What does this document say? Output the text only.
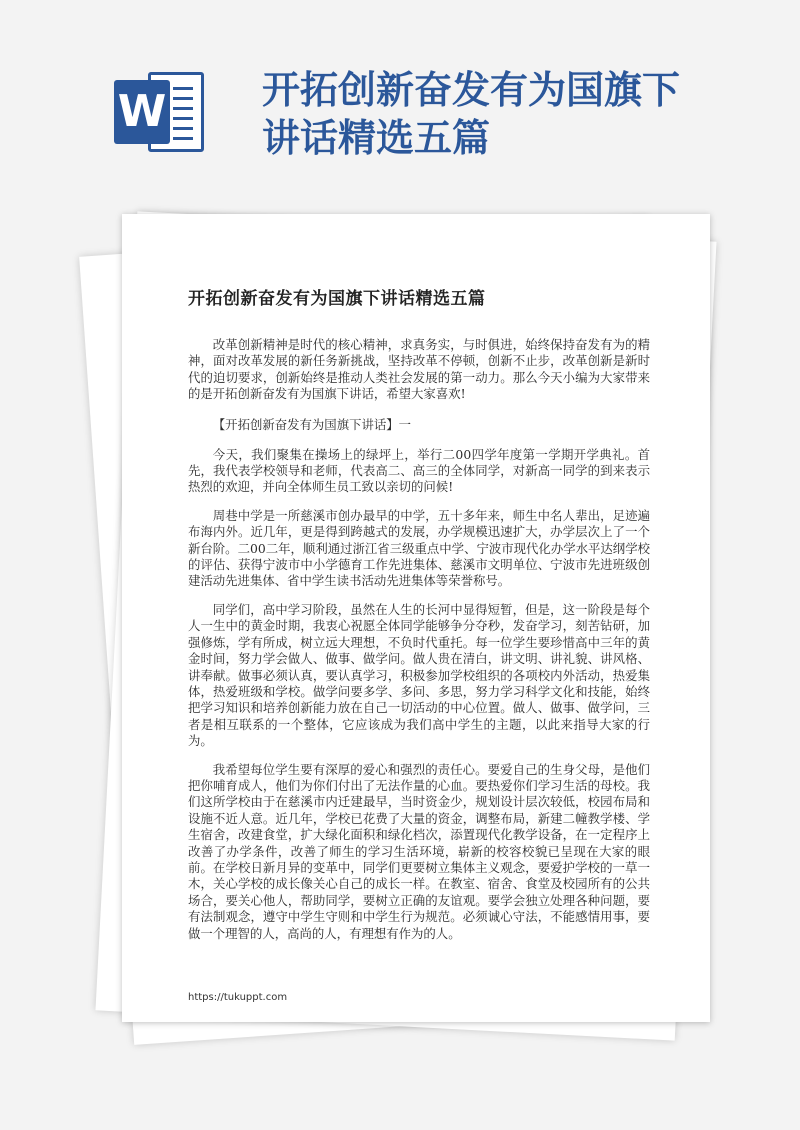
W	开拓创新奋发有为国旗下讲话精选五篇
开拓创新奋发有为国旗下讲话精选五篇

改革创新精神是时代的核心精神，求真务实，与时俱进，始终保持奋发有为的精神，面对改革发展的新任务新挑战，坚持改革不停顿，创新不止步，改革创新是新时代的迫切要求，创新始终是推动人类社会发展的第一动力。那么今天小编为大家带来的是开拓创新奋发有为国旗下讲话，希望大家喜欢!

【开拓创新奋发有为国旗下讲话】一

今天，我们聚集在操场上的绿坪上，举行二00四学年度第一学期开学典礼。首先，我代表学校领导和老师，代表高二、高三的全体同学，对新高一同学的到来表示热烈的欢迎，并向全体师生员工致以亲切的问候!

周巷中学是一所慈溪市创办最早的中学，五十多年来，师生中名人辈出，足迹遍布海内外。近几年，更是得到跨越式的发展，办学规模迅速扩大，办学层次上了一个新台阶。二00二年，顺利通过浙江省三级重点中学、宁波市现代化办学水平达纲学校的评估、获得宁波市中小学德育工作先进集体、慈溪市文明单位、宁波市先进班级创建活动先进集体、省中学生读书活动先进集体等荣誉称号。

同学们，高中学习阶段，虽然在人生的长河中显得短暂，但是，这一阶段是每个人一生中的黄金时期，我衷心祝愿全体同学能够争分夺秒，发奋学习，刻苦钻研，加强修炼，学有所成，树立远大理想，不负时代重托。每一位学生要珍惜高中三年的黄金时间，努力学会做人、做事、做学问。做人贵在清白，讲文明、讲礼貌、讲风格、讲奉献。做事必须认真，要认真学习，积极参加学校组织的各项校内外活动，热爱集体，热爱班级和学校。做学问要多学、多问、多思，努力学习科学文化和技能，始终把学习知识和培养创新能力放在自己一切活动的中心位置。做人、做事、做学问，三者是相互联系的一个整体，它应该成为我们高中学生的主题，以此来指导大家的行为。

我希望每位学生要有深厚的爱心和强烈的责任心。要爱自己的生身父母，是他们把你哺育成人，他们为你们付出了无法作量的心血。要热爱你们学习生活的母校。我们这所学校由于在慈溪市内迁建最早，当时资金少，规划设计层次较低，校园布局和设施不近人意。近几年，学校已花费了大量的资金，调整布局，新建二幢教学楼、学生宿舍，改建食堂，扩大绿化面积和绿化档次，添置现代化教学设备，在一定程序上改善了办学条件，改善了师生的学习生活环境，崭新的校容校貌已呈现在大家的眼前。在学校日新月异的变革中，同学们更要树立集体主义观念，要爱护学校的一草一木，关心学校的成长像关心自己的成长一样。在教室、宿舍、食堂及校园所有的公共场合，要关心他人，帮助同学，要树立正确的友谊观。要学会独立处理各种问题，要有法制观念，遵守中学生守则和中学生行为规范。必须诚心守法，不能感情用事，要做一个理智的人，高尚的人，有理想有作为的人。

https://tukuppt.com
